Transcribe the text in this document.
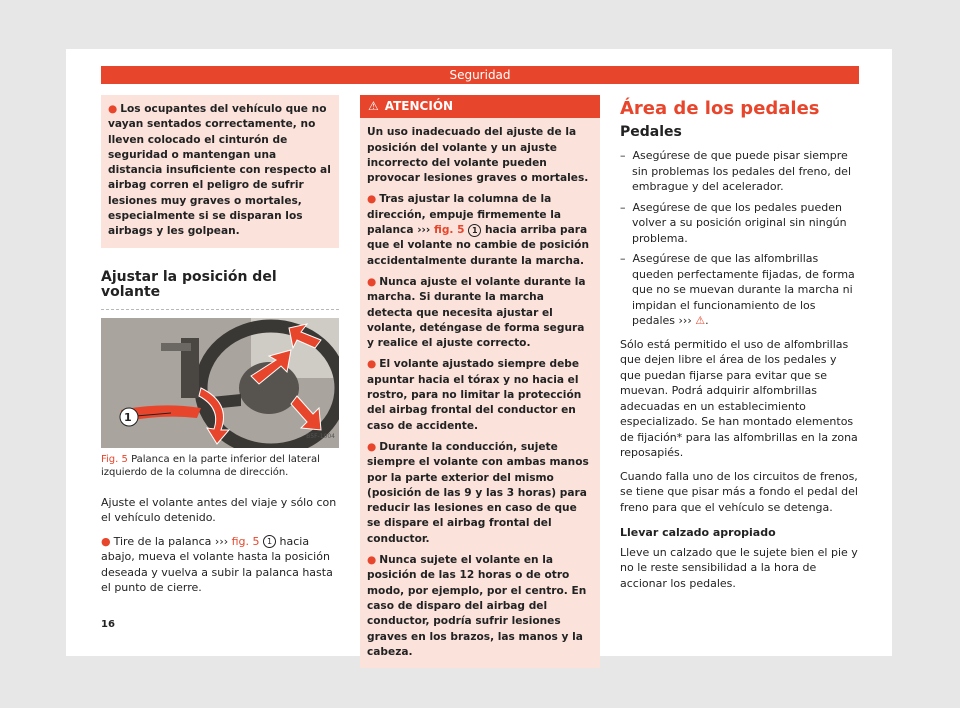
Seguridad
● Los ocupantes del vehículo que no vayan sentados correctamente, no lleven colocado el cinturón de seguridad o mantengan una distancia insuficiente con respecto al airbag corren el peligro de sufrir lesiones muy graves o mortales, especialmente si se disparan los airbags y les golpean.
Ajustar la posición del volante
1
B5F-1004
Fig. 5 Palanca en la parte inferior del lateral izquierdo de la columna de dirección.
Ajuste el volante antes del viaje y sólo con el vehículo detenido.
● Tire de la palanca ››› fig. 5 1 hacia abajo, mueva el volante hasta la posición deseada y vuelva a subir la palanca hasta el punto de cierre.
⚠ ATENCIÓN
Un uso inadecuado del ajuste de la posición del volante y un ajuste incorrecto del volante pueden provocar lesiones graves o mortales.
● Tras ajustar la columna de la dirección, empuje firmemente la palanca ››› fig. 5 1 hacia arriba para que el volante no cambie de posición accidentalmente durante la marcha.
● Nunca ajuste el volante durante la marcha. Si durante la marcha detecta que necesita ajustar el volante, deténgase de forma segura y realice el ajuste correcto.
● El volante ajustado siempre debe apuntar hacia el tórax y no hacia el rostro, para no limitar la protección del airbag frontal del conductor en caso de accidente.
● Durante la conducción, sujete siempre el volante con ambas manos por la parte exterior del mismo (posición de las 9 y las 3 horas) para reducir las lesiones en caso de que se dispare el airbag frontal del conductor.
● Nunca sujete el volante en la posición de las 12 horas o de otro modo, por ejemplo, por el centro. En caso de disparo del airbag del conductor, podría sufrir lesiones graves en los brazos, las manos y la cabeza.
Área de los pedales
Pedales
–  Asegúrese de que puede pisar siempre sin problemas los pedales del freno, del embrague y del acelerador.
–  Asegúrese de que los pedales pueden volver a su posición original sin ningún problema.
–  Asegúrese de que las alfombrillas queden perfectamente fijadas, de forma que no se muevan durante la marcha ni impidan el funcionamiento de los pedales ››› ⚠.
Sólo está permitido el uso de alfombrillas que dejen libre el área de los pedales y que puedan fijarse para evitar que se muevan. Podrá adquirir alfombrillas adecuadas en un establecimiento especializado. Se han montado elementos de fijación* para las alfombrillas en la zona reposapiés.
Cuando falla uno de los circuitos de frenos, se tiene que pisar más a fondo el pedal del freno para que el vehículo se detenga.
Llevar calzado apropiado
Lleve un calzado que le sujete bien el pie y no le reste sensibilidad a la hora de accionar los pedales.
16
